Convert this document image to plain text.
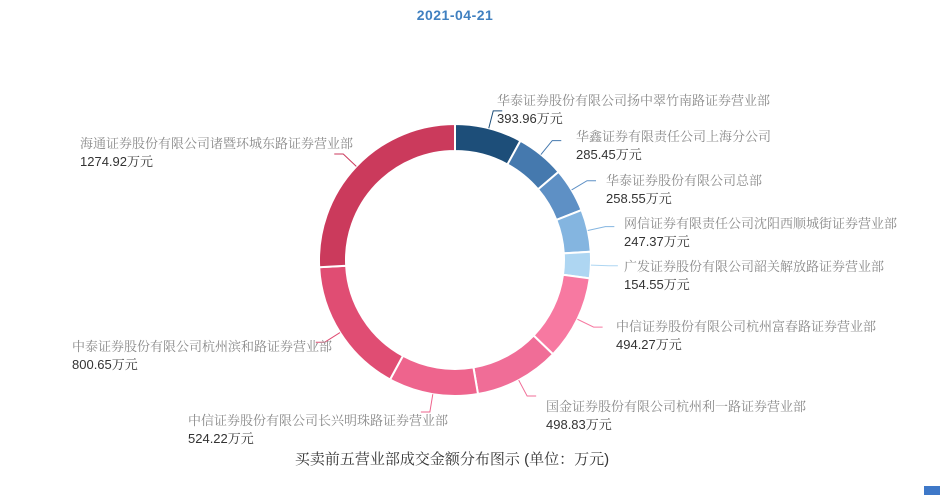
2021-04-21
华泰证券股份有限公司扬中翠竹南路证券营业部
393.96万元
华鑫证券有限责任公司上海分公司
285.45万元
华泰证券股份有限公司总部
258.55万元
网信证券有限责任公司沈阳西顺城街证券营业部
247.37万元
广发证券股份有限公司韶关解放路证券营业部
154.55万元
中信证券股份有限公司杭州富春路证券营业部
494.27万元
国金证券股份有限公司杭州利一路证券营业部
498.83万元
中信证券股份有限公司长兴明珠路证券营业部
524.22万元
中泰证券股份有限公司杭州滨和路证券营业部
800.65万元
海通证券股份有限公司诸暨环城东路证券营业部
1274.92万元
买卖前五营业部成交金额分布图示 (单位：万元)
